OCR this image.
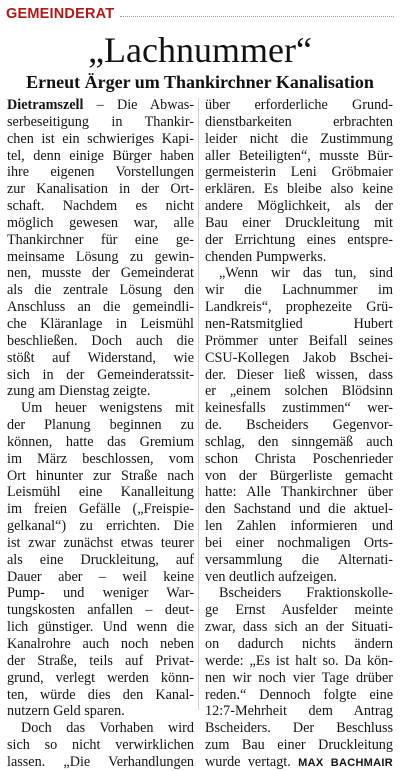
GEMEINDERAT
„Lachnummer“
Erneut Ärger um Thankirchner Kanalisation
Dietramszell – Die Abwas-
serbeseitigung in Thankir-
chen ist ein schwieriges Kapi-
tel, denn einige Bürger haben
ihre eigenen Vorstellungen
zur Kanalisation in der Ort-
schaft. Nachdem es nicht
möglich gewesen war, alle
Thankirchner für eine ge-
meinsame Lösung zu gewin-
nen, musste der Gemeinderat
als die zentrale Lösung den
Anschluss an die gemeindli-
che Kläranlage in Leismühl
beschließen. Doch auch die
stößt auf Widerstand, wie
sich in der Gemeinderatssit-
zung am Dienstag zeigte.
Um heuer wenigstens mit
der Planung beginnen zu
können, hatte das Gremium
im März beschlossen, vom
Ort hinunter zur Straße nach
Leismühl eine Kanalleitung
im freien Gefälle („Freispie-
gelkanal“) zu errichten. Die
ist zwar zunächst etwas teurer
als eine Druckleitung, auf
Dauer aber – weil keine
Pump- und weniger War-
tungskosten anfallen – deut-
lich günstiger. Und wenn die
Kanalrohre auch noch neben
der Straße, teils auf Privat-
grund, verlegt werden könn-
ten, würde dies den Kanal-
nutzern Geld sparen.
Doch das Vorhaben wird
sich so nicht verwirklichen
lassen. „Die Verhandlungen
über erforderliche Grund-
dienstbarkeiten erbrachten
leider nicht die Zustimmung
aller Beteiligten“, musste Bür-
germeisterin Leni Gröbmaier
erklären. Es bleibe also keine
andere Möglichkeit, als der
Bau einer Druckleitung mit
der Errichtung eines entspre-
chenden Pumpwerks.
„Wenn wir das tun, sind
wir die Lachnummer im
Landkreis“, prophezeite Grü-
nen-Ratsmitglied Hubert
Prömmer unter Beifall seines
CSU-Kollegen Jakob Bschei-
der. Dieser ließ wissen, dass
er „einem solchen Blödsinn
keinesfalls zustimmen“ wer-
de. Bscheiders Gegenvor-
schlag, den sinngemäß auch
schon Christa Poschenrieder
von der Bürgerliste gemacht
hatte: Alle Thankirchner über
den Sachstand und die aktuel-
len Zahlen informieren und
bei einer nochmaligen Orts-
versammlung die Alternati-
ven deutlich aufzeigen.
Bscheiders Fraktionskolle-
ge Ernst Ausfelder meinte
zwar, dass sich an der Situati-
on dadurch nichts ändern
werde: „Es ist halt so. Da kön-
nen wir noch vier Tage drüber
reden.“ Dennoch folgte eine
12:7-Mehrheit dem Antrag
Bscheiders. Der Beschluss
zum Bau einer Druckleitung
wurde vertagt. MAX BACHMAIR
